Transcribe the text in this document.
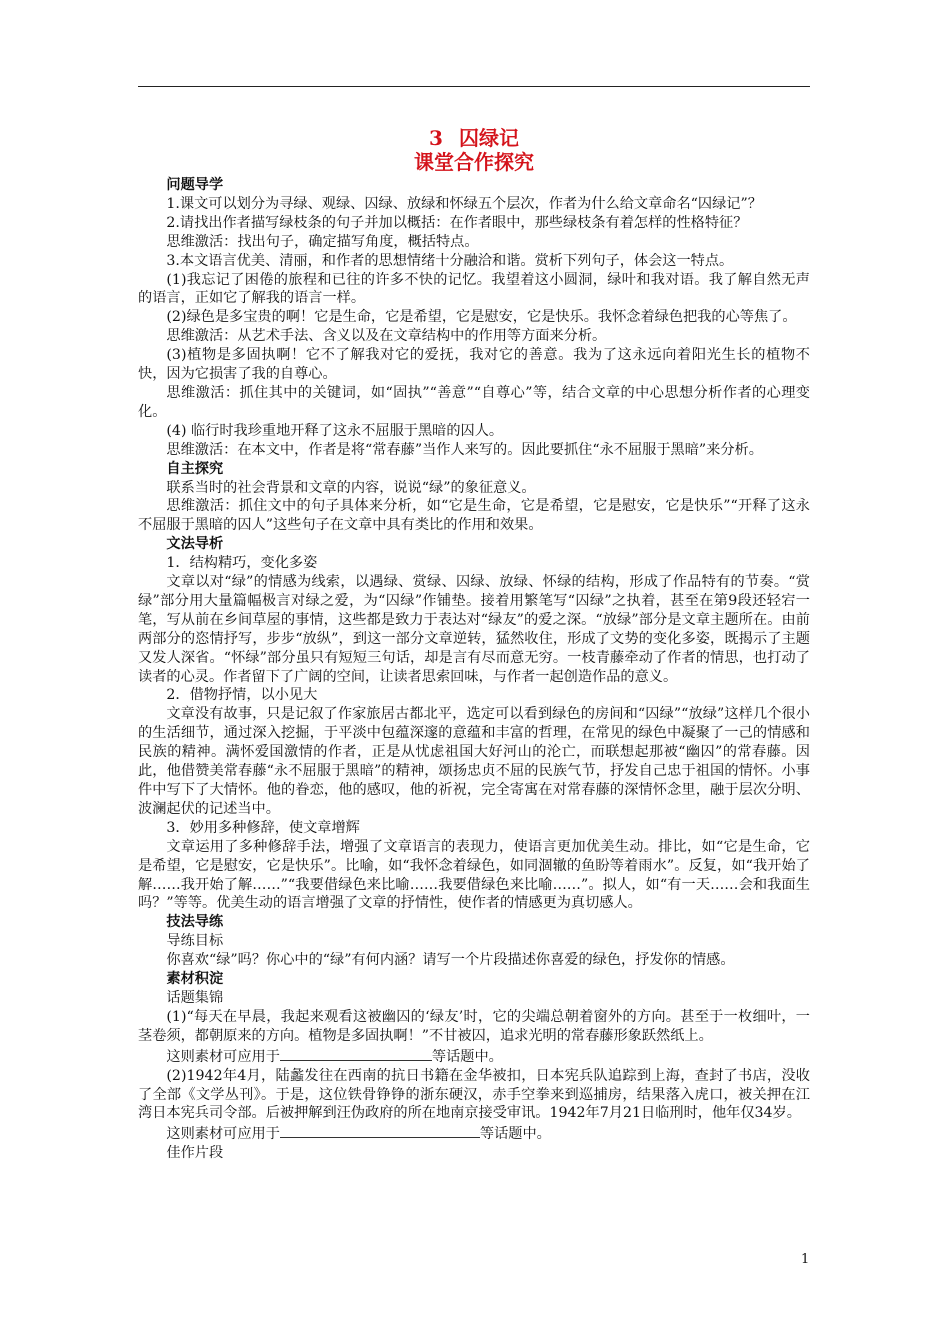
3 囚绿记

课堂合作探究

问题导学

1.课文可以划分为寻绿、观绿、囚绿、放绿和怀绿五个层次，作者为什么给文章命名“囚绿记”？

2.请找出作者描写绿枝条的句子并加以概括：在作者眼中，那些绿枝条有着怎样的性格特征？

思维激活：找出句子，确定描写角度，概括特点。

3.本文语言优美、清丽，和作者的思想情绪十分融洽和谐。赏析下列句子，体会这一特点。

(1)我忘记了困倦的旅程和已往的许多不快的记忆。我望着这小圆洞，绿叶和我对语。我了解自然无声的语言，正如它了解我的语言一样。

(2)绿色是多宝贵的啊！它是生命，它是希望，它是慰安，它是快乐。我怀念着绿色把我的心等焦了。

思维激活：从艺术手法、含义以及在文章结构中的作用等方面来分析。

(3)植物是多固执啊！它不了解我对它的爱抚，我对它的善意。我为了这永远向着阳光生长的植物不快，因为它损害了我的自尊心。

思维激活：抓住其中的关键词，如“固执”“善意”“自尊心”等，结合文章的中心思想分析作者的心理变化。

(4) 临行时我珍重地开释了这永不屈服于黑暗的囚人。

思维激活：在本文中，作者是将“常春藤”当作人来写的。因此要抓住“永不屈服于黑暗”来分析。

自主探究

联系当时的社会背景和文章的内容，说说“绿”的象征意义。

思维激活：抓住文中的句子具体来分析，如“它是生命，它是希望，它是慰安，它是快乐”“开释了这永不屈服于黑暗的囚人”这些句子在文章中具有类比的作用和效果。

文法导析

1．结构精巧，变化多姿

文章以对“绿”的情感为线索，以遇绿、赏绿、囚绿、放绿、怀绿的结构，形成了作品特有的节奏。“赏绿”部分用大量篇幅极言对绿之爱，为“囚绿”作铺垫。接着用繁笔写“囚绿”之执着，甚至在第9段还轻宕一笔，写从前在乡间草屋的事情，这些都是致力于表达对“绿友”的爱之深。“放绿”部分是文章主题所在。由前两部分的恣情抒写，步步“放纵”，到这一部分文章逆转，猛然收住，形成了文势的变化多姿，既揭示了主题又发人深省。“怀绿”部分虽只有短短三句话，却是言有尽而意无穷。一枝青藤牵动了作者的情思，也打动了读者的心灵。作者留下了广阔的空间，让读者思索回味，与作者一起创造作品的意义。

2．借物抒情，以小见大

文章没有故事，只是记叙了作家旅居古都北平，选定可以看到绿色的房间和“囚绿”“放绿”这样几个很小的生活细节，通过深入挖掘，于平淡中包蕴深邃的意蕴和丰富的哲理，在常见的绿色中凝聚了一己的情感和民族的精神。满怀爱国激情的作者，正是从忧虑祖国大好河山的沦亡，而联想起那被“幽囚”的常春藤。因此，他借赞美常春藤“永不屈服于黑暗”的精神，颂扬忠贞不屈的民族气节，抒发自己忠于祖国的情怀。小事件中写下了大情怀。他的眷恋，他的感叹，他的祈祝，完全寄寓在对常春藤的深情怀念里，融于层次分明、波澜起伏的记述当中。

3．妙用多种修辞，使文章增辉

文章运用了多种修辞手法，增强了文章语言的表现力，使语言更加优美生动。排比，如“它是生命，它是希望，它是慰安，它是快乐”。比喻，如“我怀念着绿色，如同涸辙的鱼盼等着雨水”。反复，如“我开始了解……我开始了解……”“我要借绿色来比喻……我要借绿色来比喻……”。拟人，如“有一天……会和我面生吗？”等等。优美生动的语言增强了文章的抒情性，使作者的情感更为真切感人。

技法导练

导练目标

你喜欢“绿”吗？你心中的“绿”有何内涵？请写一个片段描述你喜爱的绿色，抒发你的情感。

素材积淀

话题集锦

(1)“每天在早晨，我起来观看这被幽囚的‘绿友’时，它的尖端总朝着窗外的方向。甚至于一枚细叶，一茎卷须，都朝原来的方向。植物是多固执啊！”不甘被囚，追求光明的常春藤形象跃然纸上。

这则素材可应用于	等话题中。

(2)1942年4月，陆蠡发往在西南的抗日书籍在金华被扣，日本宪兵队追踪到上海，查封了书店，没收了全部《文学丛刊》。于是，这位铁骨铮铮的浙东硬汉，赤手空拳来到巡捕房，结果落入虎口，被关押在江湾日本宪兵司令部。后被押解到汪伪政府的所在地南京接受审讯。1942年7月21日临刑时，他年仅34岁。

这则素材可应用于	等话题中。

佳作片段

1
